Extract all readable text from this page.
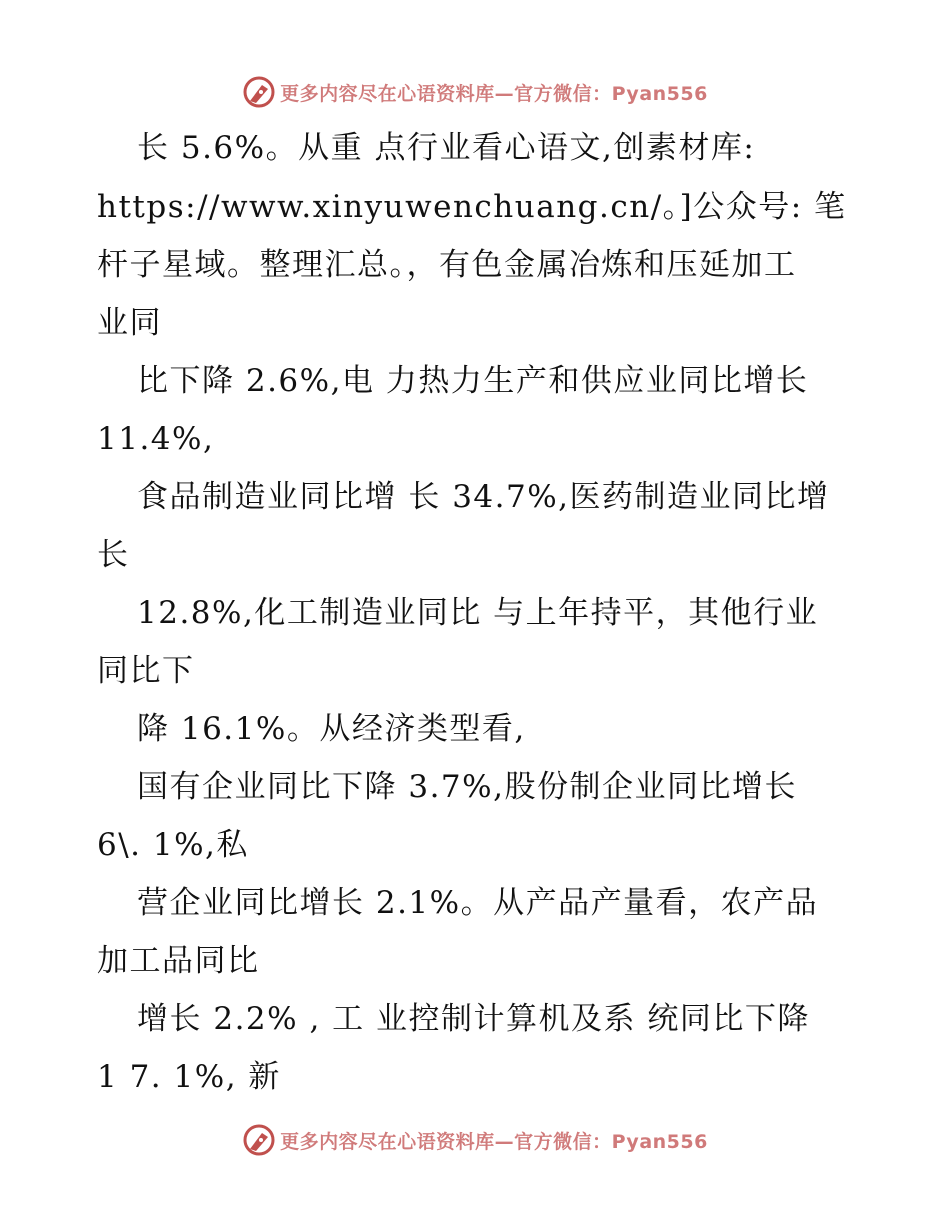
更多内容尽在心语资料库—官方微信：Pyan556
长 5.6%。从重 点行业看心语文,创素材库:
https://www.xinyuwenchuang.cn/。]公众号: 笔
杆子星域。整理汇总。，有色金属冶炼和压延加工
业同
比下降 2.6%,电 力热力生产和供应业同比增长
11.4%,
食品制造业同比增 长 34.7%,医药制造业同比增
长
12.8%,化工制造业同比 与上年持平，其他行业
同比下
降 16.1%。从经济类型看,
国有企业同比下降 3.7%,股份制企业同比增长
6\. 1%,私
营企业同比增长 2.1%。从产品产量看，农产品
加工品同比
增长 2.2% , 工 业控制计算机及系 统同比下降
1 7. 1%, 新
更多内容尽在心语资料库—官方微信：Pyan556
